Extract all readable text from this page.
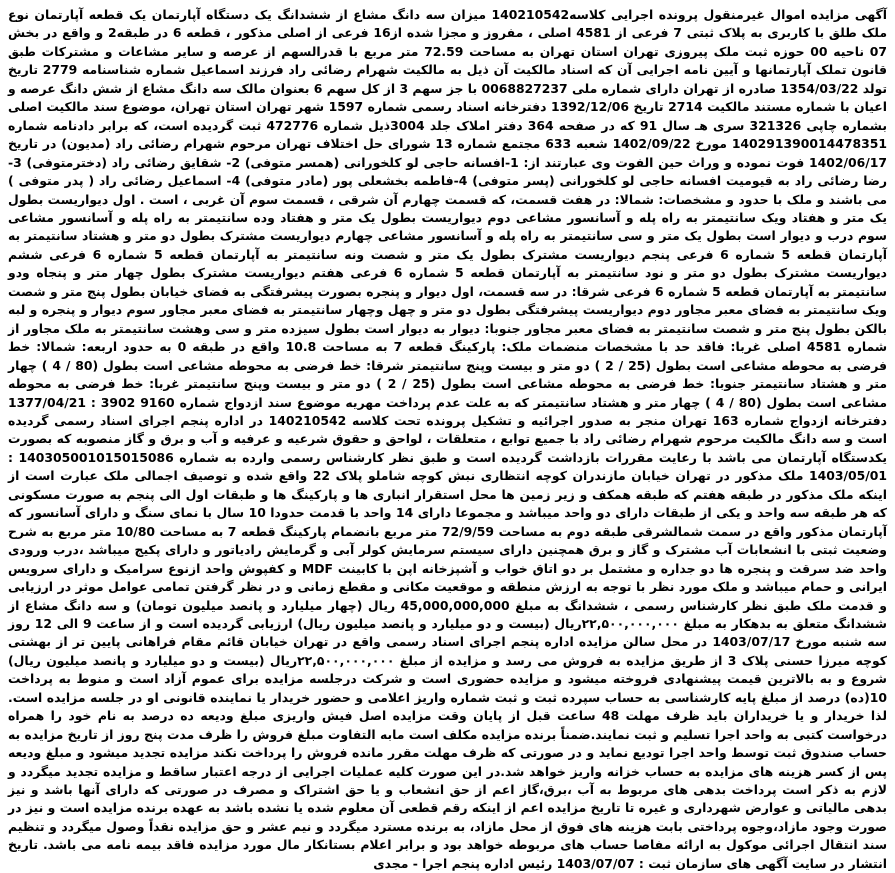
آگهی مزایده اموال غیرمنقول پرونده اجرایی کلاسه140210542 میزان سه دانگ مشاع از ششدانگ یک دستگاه آپارتمان یک قطعه آپارتمان نوع ملک طلق با کاربری به پلاک ثبتی 7 فرعی از 4581 اصلی ، مفروز و مجزا شده از16 فرعی از اصلی مذکور ، قطعه 6 در طبقه2 و واقع در بخش 07 ناحیه 00 حوزه ثبت ملک پیروزی تهران استان تهران به مساحت 72.59 متر مربع با قدرالسهم از عرصه و سایر مشاعات و مشترکات طبق قانون تملک آپارتمانها و آیین نامه اجرایی آن که اسناد مالکیت آن ذیل به مالکیت شهرام رضائی راد فرزند اسماعیل شماره شناسنامه 2779 تاریخ تولد 1354/03/22 صادره از تهران دارای شماره ملی 0068827237 با جز سهم 3 از کل سهم 6 بعنوان مالک سه دانگ مشاع از شش دانگ عرصه و اعیان با شماره مستند مالکیت 2714 تاریخ 1392/12/06 دفترخانه اسناد رسمی شماره 1597 شهر تهران استان تهران، موضوع سند مالکیت اصلی بشماره چاپی 321326 سری هـ سال 91 که در صفحه 364 دفتر املاک جلد 3004ذیل شماره 472776 ثبت گردیده است، که برابر دادنامه شماره 140291390014478351 مورخ 1402/09/22 شعبه 633 مجتمع شماره 13 شورای حل اختلاف تهران مرحوم شهرام رضائی راد (مدیون) در تاریخ 1402/06/17 فوت نموده و وراث حین الفوت وی عبارتند از: 1-افسانه حاجی لو کلخورانی (همسر متوفی) 2- شقایق رضائی راد (دخترمتوفی) 3- رضا رضائی راد به قیومیت افسانه حاجی لو کلخورانی (پسر متوفی) 4-فاطمه بخشعلی پور (مادر متوفی) 4- اسماعیل رضائی راد ( پدر متوفی ) می باشند و ملک با حدود و مشخصات: شمالا: در هفت قسمت، که قسمت چهارم آن شرقی ، قسمت سوم آن غربی ، است . اول دیواریست بطول یک متر و هفتاد ویک سانتیمتر به راه پله و آسانسور مشاعی دوم دیواریست بطول یک متر و هفتاد وده سانتیمتر به راه پله و آسانسور مشاعی سوم درب و دیوار است بطول یک متر و سی سانتیمتر به راه پله و آسانسور مشاعی چهارم دیواریست مشترک بطول دو متر و هشتاد سانتیمتر به آپارتمان قطعه 5 شماره 6 فرعی پنجم دیواریست مشترک بطول یک متر و شصت ونه سانتیمتر به آپارتمان قطعه 5 شماره 6 فرعی ششم دیواریست مشترک بطول دو متر و نود سانتیمتر به آپارتمان قطعه 5 شماره 6 فرعی هفتم دیواریست مشترک بطول چهار متر و پنجاه ودو سانتیمتر به آپارتمان قطعه 5 شماره 6 فرعی شرقا: در سه قسمت، اول دیوار و پنجره بصورت پیشرفتگی به فضای خیابان بطول پنج متر و شصت ویک سانتیمتر به فضای معبر مجاور دوم دیواریست پیشرفتگی بطول دو متر و چهل وچهار سانتیمتر به فضای معبر مجاور سوم دیوار و پنجره و لبه بالکن بطول پنج متر و شصت سانتیمتر به فضای معبر مجاور جنوبا: دیوار به دیوار است بطول سیزده متر و سی وهشت سانتیمتر به ملک مجاور از شماره 4581 اصلی غربا: فاقد حد با مشخصات منضمات ملک: پارکینگ قطعه 7 به مساحت 10.8 واقع در طبقه 0 به حدود اربعه: شمالا: خط فرضی به محوطه مشاعی است بطول (25 / 2 ) دو متر و بیست وپنج سانتیمتر شرقا: خط فرضی به محوطه مشاعی است بطول (80 / 4 ) چهار متر و هشتاد سانتیمتر جنوبا: خط فرضی به محوطه مشاعی است بطول (25 / 2 ) دو متر و بیست وپنج سانتیمتر غربا: خط فرضی به محوطه مشاعی است بطول (80 / 4 ) چهار متر و هشتاد سانتیمتر که به علت عدم پرداخت مهریه موضوع سند ازدواج شماره 9160 3902 : 1377/04/21 دفترخانه ازدواج شماره 163 تهران منجر به صدور اجرائیه و تشکیل پرونده تحت کلاسه 140210542 در اداره پنجم اجرای اسناد رسمی گردیده است و سه دانگ مالکیت مرحوم شهرام رضائی راد با جمیع توابع ، متعلقات ، لواحق و حقوق شرعیه و عرفیه و آب و برق و گاز منصوبه که بصورت یکدستگاه آپارتمان می باشد با رعایت مقررات بازداشت گردیده است و طبق نظر کارشناس رسمی وارده به شماره 140305001015015086 : 1403/05/01 ملک مذکور در تهران خیابان مازندران کوچه انتظاری نبش کوچه شاملو پلاک 22 واقع شده و توصیف اجمالی ملک عبارت است از اینکه ملک مذکور در طبقه هفتم که طبقه همکف و زیر زمین ها محل استقرار انباری ها و پارکینگ ها و طبقات اول الی پنجم به صورت مسکونی که هر طبقه سه واحد و یکی از طبقات دارای دو واحد میباشد و مجموعا دارای 14 واحد با قدمت حدودا 10 سال با نمای سنگ و دارای آسانسور که آپارتمان مذکور واقع در سمت شمالشرقی طبقه دوم به مساحت 72/9/59 متر مربع بانضمام پارکینگ قطعه 7 به مساحت 10/80 متر مربع به شرح وضعیت ثبتی با انشعابات آب مشترک و گاز و برق همچنین دارای سیستم سرمایش کولر آبی و گرمایش رادیاتور و دارای پکیج میباشد ،درب ورودی واحد ضد سرقت و پنجره ها دو جداره و مشتمل بر دو اتاق خواب و آشپزخانه اپن با کابینت MDF و کفپوش واحد ازنوع سرامیک و دارای سرویس ایرانی و حمام میباشد و ملک مورد نظر با توجه به ارزش منطقه و موقعیت مکانی و مقطع زمانی و در نظر گرفتن تمامی عوامل موثر در ارزیابی و قدمت ملک طبق نظر کارشناس رسمی ، ششدانگ به مبلغ 45,000,000,000 ریال (چهار میلیارد و پانصد میلیون تومان) و سه دانگ مشاع از ششدانگ متعلق به بدهکار به مبلغ ۲۲,۵۰۰,۰۰۰,۰۰۰ریال (بیست و دو میلیارد و پانصد میلیون ریال) ارزیابی گردیده است و از ساعت 9 الی 12 روز سه شنبه مورخ 1403/07/17 در محل سالن مزایده اداره پنجم اجرای اسناد رسمی واقع در تهران خیابان قائم مقام فراهانی پایین تر از بهشتی کوچه میرزا حسنی پلاک 3 از طریق مزایده به فروش می رسد و مزایده از مبلغ ۲۲,۵۰۰,۰۰۰,۰۰۰ریال (بیست و دو میلیارد و پانصد میلیون ریال) شروع و به بالاترین قیمت پیشنهادی فروخته میشود و مزایده حضوری است و شرکت درجلسه مزایده برای عموم آزاد است و منوط به پرداخت 10(ده) درصد از مبلغ پایه کارشناسی به حساب سپرده ثبت و ثبت شماره واریز اعلامی و حضور خریدار یا نماینده قانونی او در جلسه مزایده است. لذا خریدار و یا خریداران باید ظرف مهلت 48 ساعت قبل از پایان وقت مزایده اصل فیش واریزی مبلغ ودیعه ده درصد به نام خود را همراه درخواست کتبی به واحد اجرا تسلیم و ثبت نمایند.ضمناً برنده مزایده مکلف است مابه التفاوت مبلغ فروش را ظرف مدت پنج روز از تاریخ مزایده به حساب صندوق ثبت توسط واحد اجرا تودیع نماید و در صورتی که ظرف مهلت مقرر مانده فروش را پرداخت نکند مزایده تجدید میشود و مبلغ ودیعه پس از کسر هزینه های مزایده به حساب خزانه واریز خواهد شد.در این صورت کلیه عملیات اجرایی از درجه اعتبار ساقط و مزایده تجدید میگردد و لازم به ذکر است پرداخت بدهی های مربوط به آب ،برق،گاز اعم از حق انشعاب و یا حق اشتراک و مصرف در صورتی که دارای آنها باشد و نیز بدهی مالیاتی و عوارض شهرداری و غیره تا تاریخ مزایده اعم از اینکه رقم قطعی آن معلوم شده یا نشده باشد به عهده برنده مزایده است و نیز در صورت وجود مازاد،وجوه پرداختی بابت هزینه های فوق از محل مازاد، به برنده مسترد میگردد و نیم عشر و حق مزایده نقداً وصول میگردد و تنظیم سند انتقال اجرائی موکول به ارائه مفاصا حساب های مربوطه خواهد بود و برابر اعلام بستانکار مال مورد مزایده فاقد بیمه نامه می باشد. تاریخ انتشار در سایت آگهی های سازمان ثبت : 1403/07/07 رئیس اداره پنجم اجرا - مجدی
